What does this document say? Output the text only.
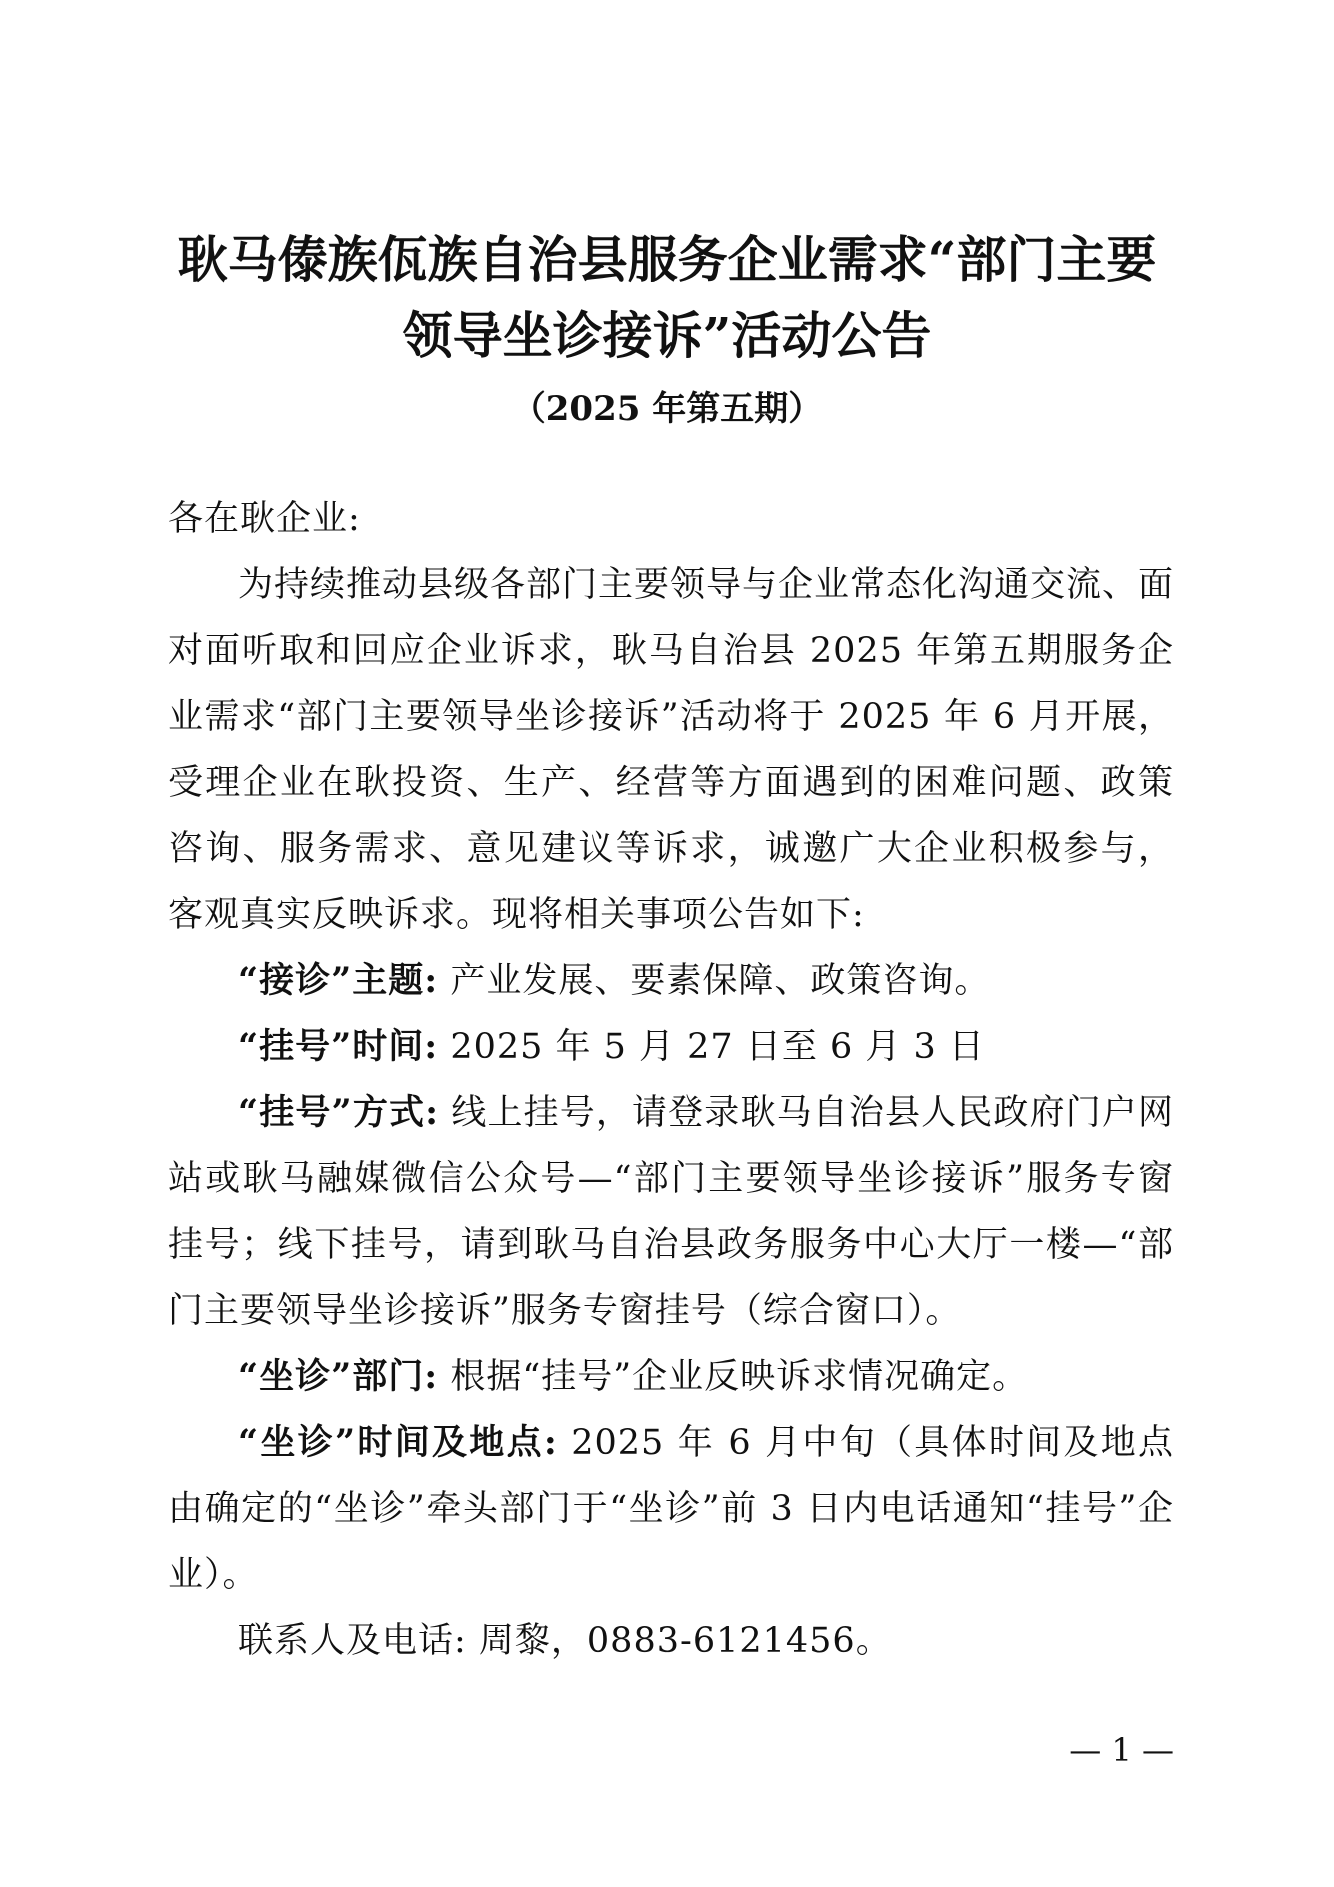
耿马傣族佤族自治县服务企业需求“部门主要
领导坐诊接诉”活动公告

（2025 年第五期）

各在耿企业:

为持续推动县级各部门主要领导与企业常态化沟通交流、面对面听取和回应企业诉求，耿马自治县 2025 年第五期服务企业需求“部门主要领导坐诊接诉”活动将于 2025 年 6 月开展，受理企业在耿投资、生产、经营等方面遇到的困难问题、政策咨询、服务需求、意见建议等诉求，诚邀广大企业积极参与，客观真实反映诉求。现将相关事项公告如下:

“接诊”主题: 产业发展、要素保障、政策咨询。

“挂号”时间: 2025 年 5 月 27 日至 6 月 3 日

“挂号”方式: 线上挂号，请登录耿马自治县人民政府门户网站或耿马融媒微信公众号—“部门主要领导坐诊接诉”服务专窗挂号；线下挂号，请到耿马自治县政务服务中心大厅一楼—“部门主要领导坐诊接诉”服务专窗挂号（综合窗口）。

“坐诊”部门: 根据“挂号”企业反映诉求情况确定。

“坐诊”时间及地点: 2025 年 6 月中旬（具体时间及地点由确定的“坐诊”牵头部门于“坐诊”前 3 日内电话通知“挂号”企业）。

联系人及电话: 周黎，0883-6121456。

— 1 —
